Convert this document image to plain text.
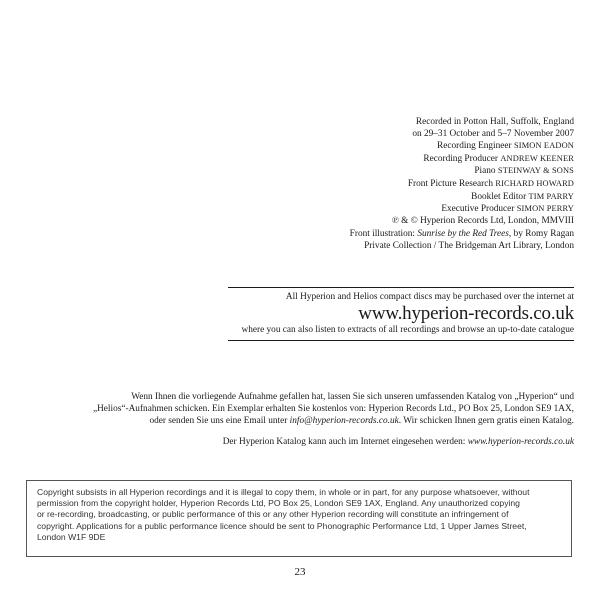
Recorded in Potton Hall, Suffolk, England
on 29–31 October and 5–7 November 2007
Recording Engineer SIMON EADON
Recording Producer ANDREW KEENER
Piano STEINWAY & SONS
Front Picture Research RICHARD HOWARD
Booklet Editor TIM PARRY
Executive Producer SIMON PERRY
℗ & © Hyperion Records Ltd, London, MMVIII
Front illustration: Sunrise by the Red Trees, by Romy Ragan
Private Collection / The Bridgeman Art Library, London
All Hyperion and Helios compact discs may be purchased over the internet at
www.hyperion-records.co.uk
where you can also listen to extracts of all recordings and browse an up-to-date catalogue
Wenn Ihnen die vorliegende Aufnahme gefallen hat, lassen Sie sich unseren umfassenden Katalog von „Hyperion“ und
„Helios“-Aufnahmen schicken. Ein Exemplar erhalten Sie kostenlos von: Hyperion Records Ltd., PO Box 25, London SE9 1AX,
oder senden Sie uns eine Email unter info@hyperion-records.co.uk. Wir schicken Ihnen gern gratis einen Katalog.
Der Hyperion Katalog kann auch im Internet eingesehen werden: www.hyperion-records.co.uk
Copyright subsists in all Hyperion recordings and it is illegal to copy them, in whole or in part, for any purpose whatsoever, without
permission from the copyright holder, Hyperion Records Ltd, PO Box 25, London SE9 1AX, England. Any unauthorized copying
or re-recording, broadcasting, or public performance of this or any other Hyperion recording will constitute an infringement of
copyright. Applications for a public performance licence should be sent to Phonographic Performance Ltd, 1 Upper James Street,
London W1F 9DE
23
